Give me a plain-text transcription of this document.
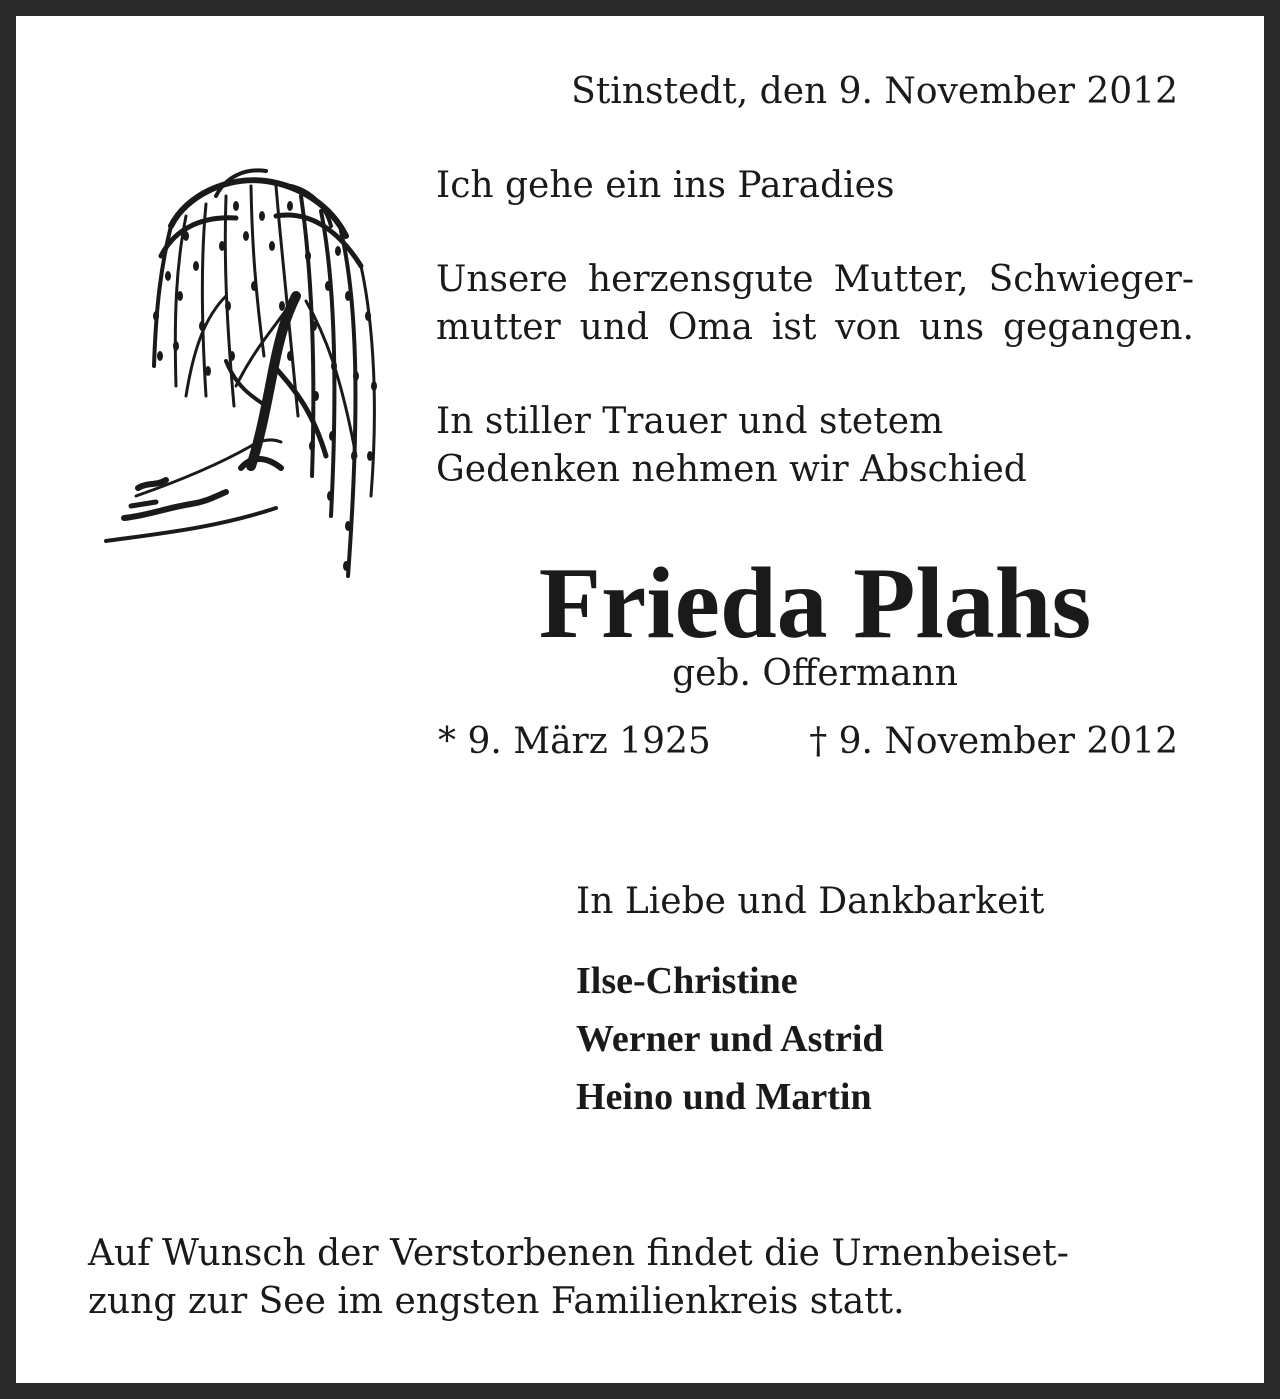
Stinstedt, den 9. November 2012
Ich gehe ein ins Paradies
Unsere herzensgute Mutter, Schwieger-
mutter und Oma ist von uns gegangen.
In stiller Trauer und stetem
Gedenken nehmen wir Abschied
Frieda Plahs
geb. Offermann
* 9. März 1925	† 9. November 2012
In Liebe und Dankbarkeit
Ilse-Christine
Werner und Astrid
Heino und Martin
Auf Wunsch der Verstorbenen findet die Urnenbeiset-
zung zur See im engsten Familienkreis statt.
